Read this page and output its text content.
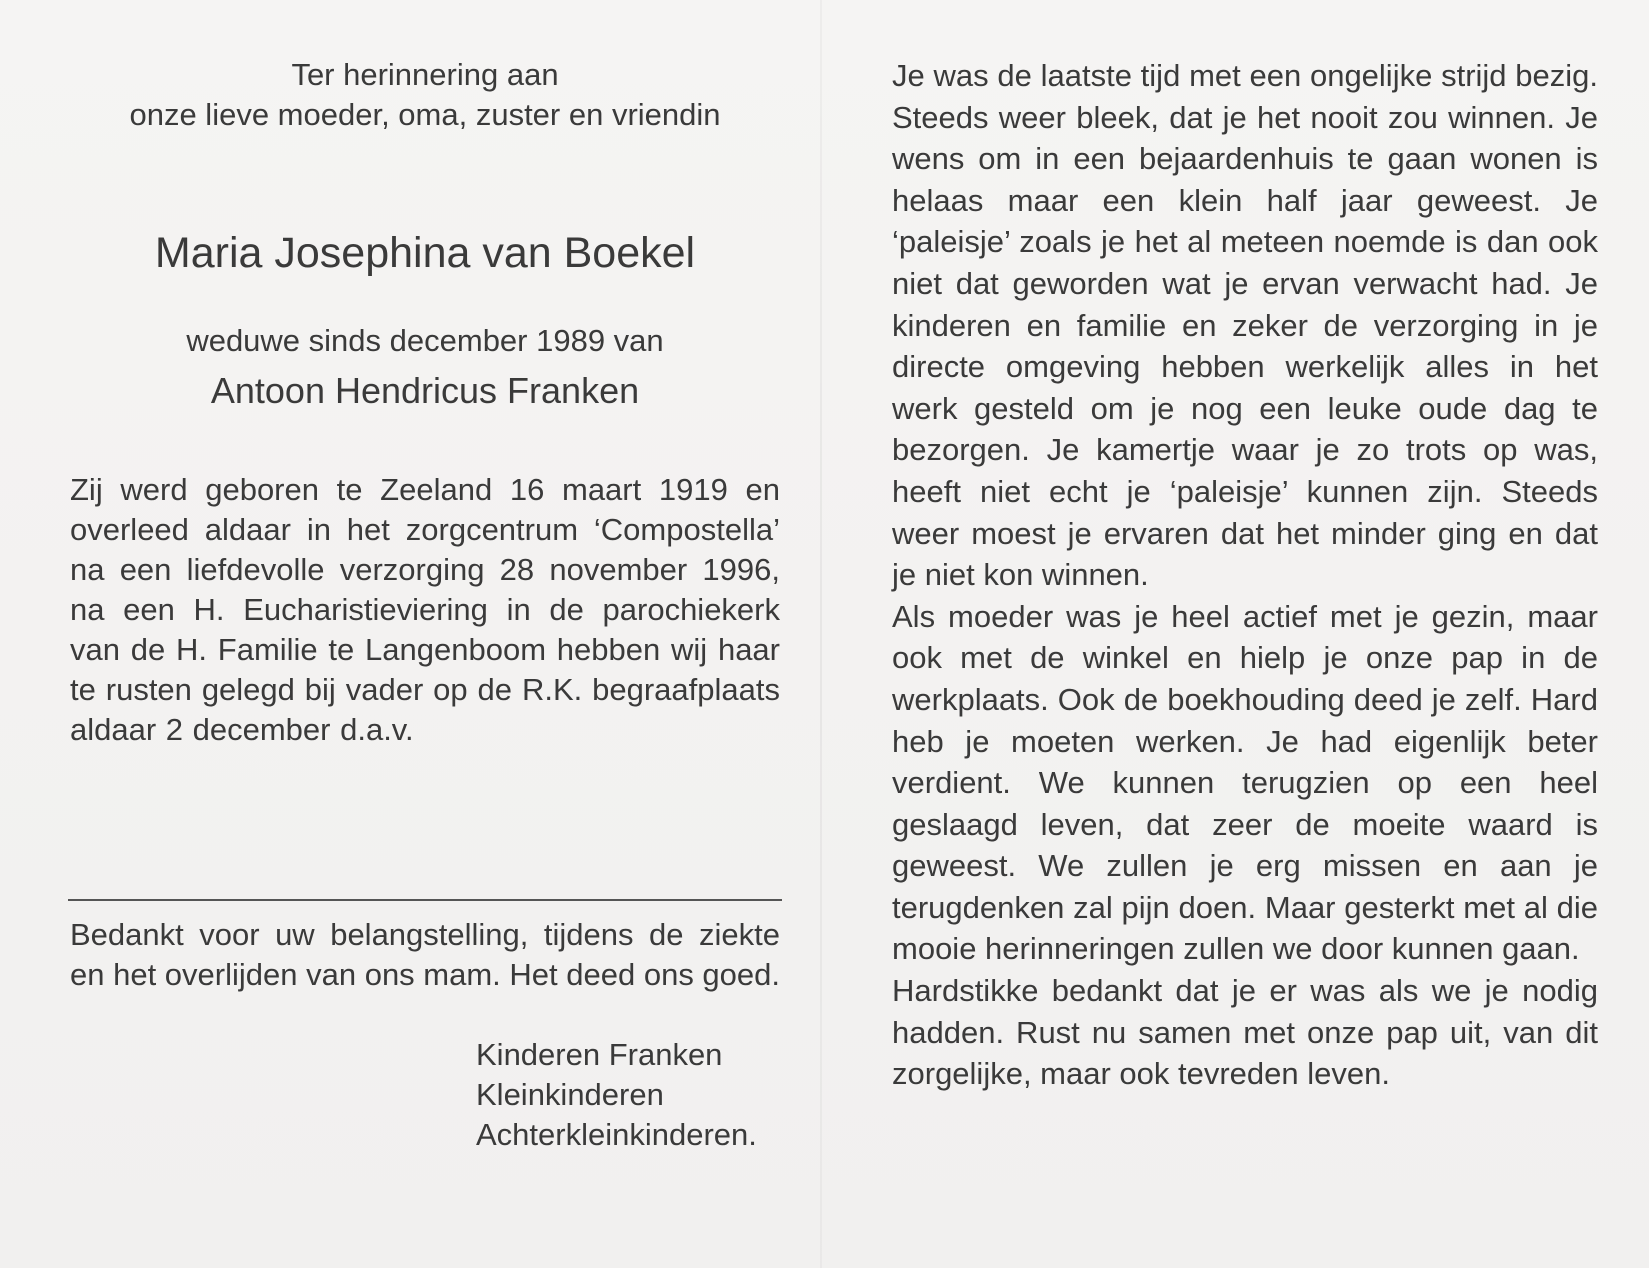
Ter herinnering aan

onze lieve moeder, oma, zuster en vriendin

Maria Josephina van Boekel

weduwe sinds december 1989 van

Antoon Hendricus Franken
Zij werd geboren te Zeeland 16 maart 1919 en overleed aldaar in het zorgcentrum ‘Compostella’ na een liefdevolle verzorging 28 november 1996, na een H. Eucharistieviering in de parochiekerk van de H. Familie te Langenboom hebben wij haar te rusten gelegd bij vader op de R.K. begraafplaats aldaar 2 december d.a.v.
Bedankt voor uw belangstelling, tijdens de ziekte en het overlijden van ons mam. Het deed ons goed.
Kinderen Franken
Kleinkinderen
Achterkleinkinderen.

Je was de laatste tijd met een ongelijke strijd bezig. Steeds weer bleek, dat je het nooit zou winnen. Je wens om in een bejaardenhuis te gaan wonen is helaas maar een klein half jaar geweest. Je ‘paleisje’ zoals je het al meteen noemde is dan ook niet dat geworden wat je ervan verwacht had. Je kinderen en familie en zeker de verzorging in je directe omgeving hebben werkelijk alles in het werk gesteld om je nog een leuke oude dag te bezorgen. Je kamertje waar je zo trots op was, heeft niet echt je ‘paleisje’ kunnen zijn. Steeds weer moest je ervaren dat het minder ging en dat je niet kon winnen.

Als moeder was je heel actief met je gezin, maar ook met de winkel en hielp je onze pap in de werkplaats. Ook de boekhouding deed je zelf. Hard heb je moeten werken. Je had eigenlijk beter verdient. We kunnen terugzien op een heel geslaagd leven, dat zeer de moeite waard is geweest. We zullen je erg missen en aan je terugdenken zal pijn doen. Maar gesterkt met al die mooie herinneringen zullen we door kunnen gaan.

Hardstikke bedankt dat je er was als we je nodig hadden. Rust nu samen met onze pap uit, van dit zorgelijke, maar ook tevreden leven.
